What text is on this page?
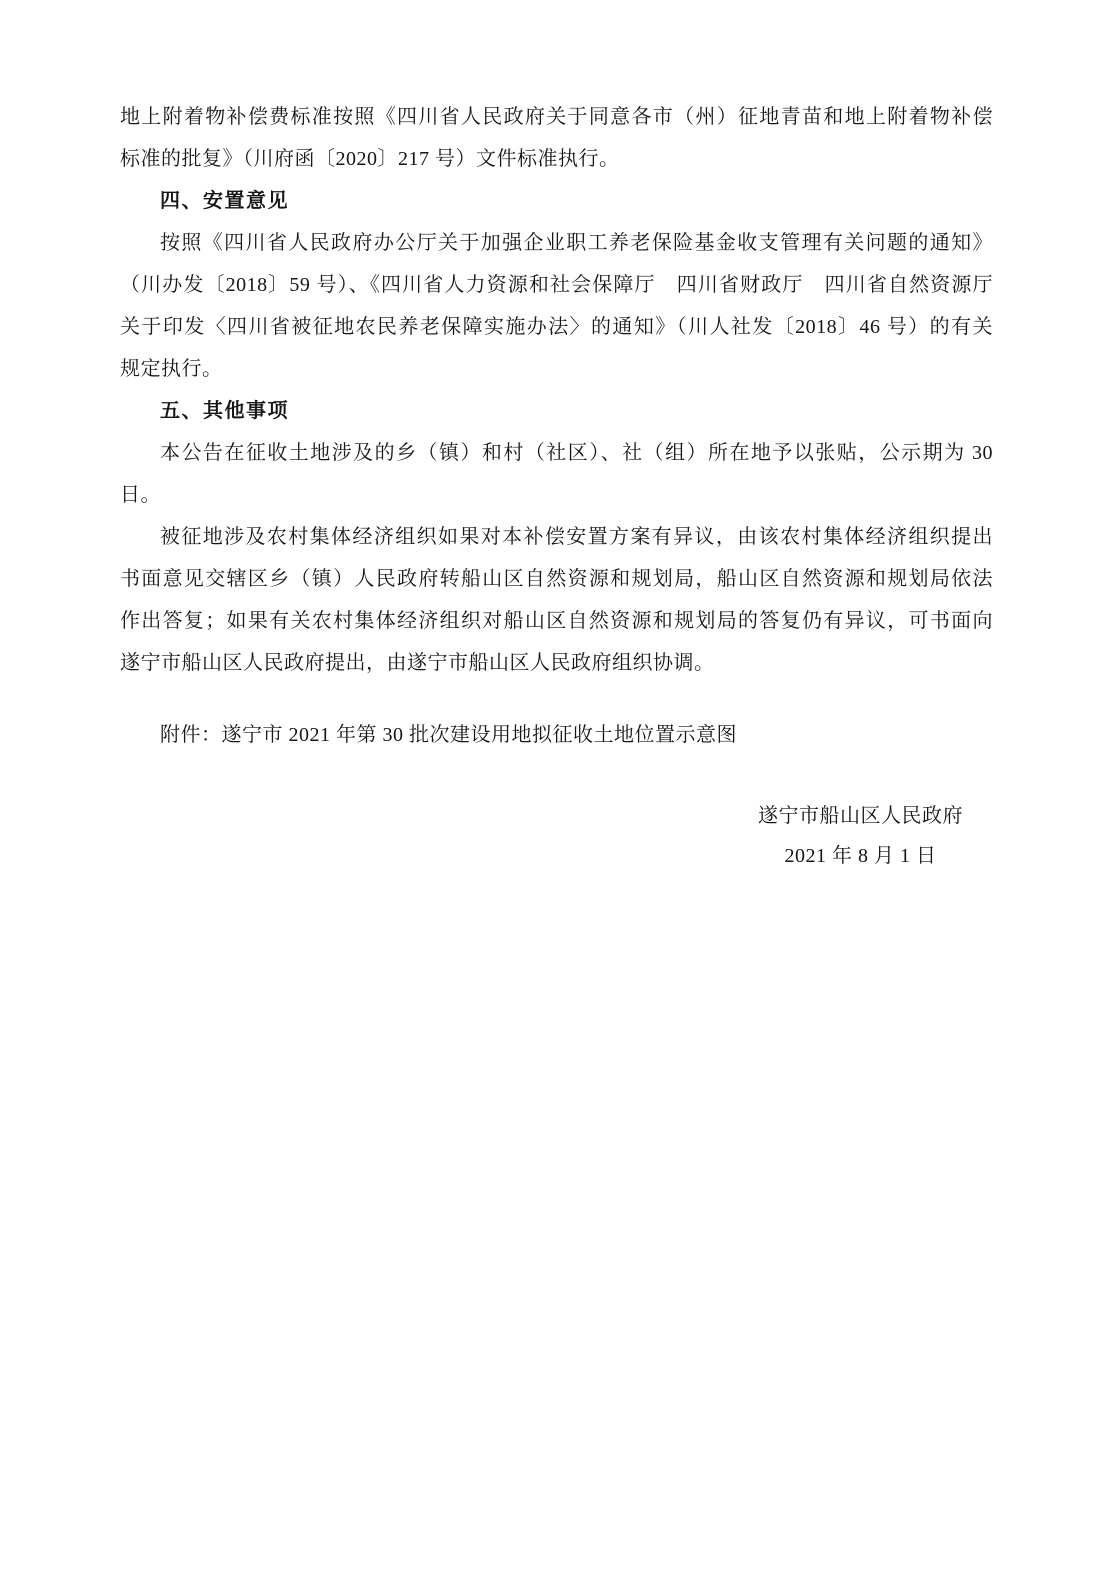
地上附着物补偿费标准按照《四川省人民政府关于同意各市（州）征地青苗和地上附着物补偿
标准的批复》（川府函〔2020〕217 号）文件标准执行。
四、安置意见
按照《四川省人民政府办公厅关于加强企业职工养老保险基金收支管理有关问题的通知》
（川办发〔2018〕59 号）、《四川省人力资源和社会保障厅　四川省财政厅　四川省自然资源厅
关于印发〈四川省被征地农民养老保障实施办法〉的通知》（川人社发〔2018〕46 号）的有关
规定执行。
五、其他事项
本公告在征收土地涉及的乡（镇）和村（社区）、社（组）所在地予以张贴，公示期为 30
日。
被征地涉及农村集体经济组织如果对本补偿安置方案有异议，由该农村集体经济组织提出
书面意见交辖区乡（镇）人民政府转船山区自然资源和规划局，船山区自然资源和规划局依法
作出答复；如果有关农村集体经济组织对船山区自然资源和规划局的答复仍有异议，可书面向
遂宁市船山区人民政府提出，由遂宁市船山区人民政府组织协调。
附件：遂宁市 2021 年第 30 批次建设用地拟征收土地位置示意图
遂宁市船山区人民政府
2021 年 8 月 1 日
